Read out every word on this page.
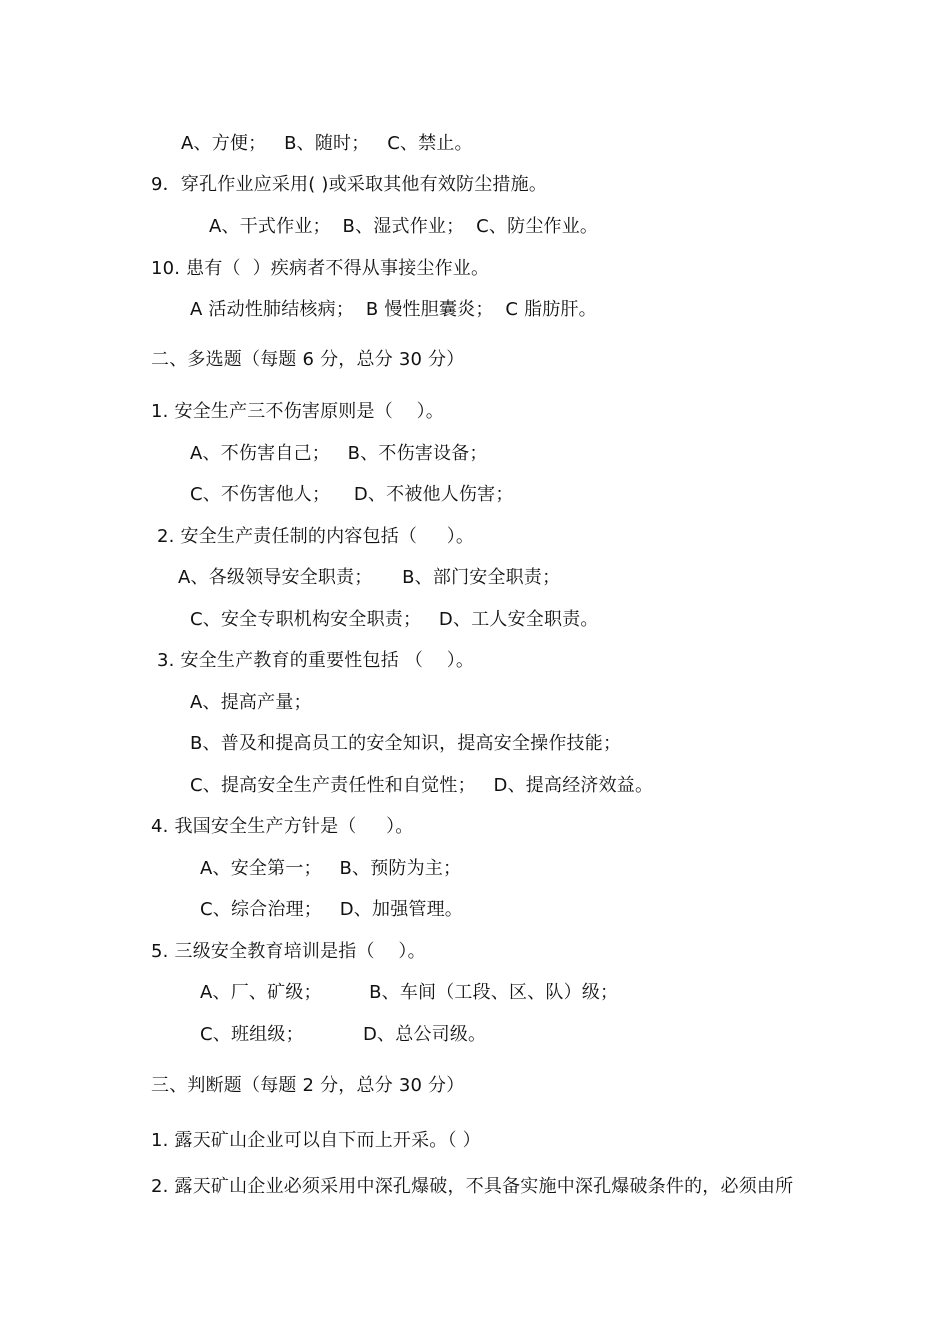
A、方便；   B、随时；   C、禁止。
9．穿孔作业应采用( )或采取其他有效防尘措施。
A、干式作业；  B、湿式作业；  C、防尘作业。
10. 患有（  ）疾病者不得从事接尘作业。
A 活动性肺结核病；  B 慢性胆囊炎；  C 脂肪肝。
二、多选题（每题 6 分，总分 30 分）
1. 安全生产三不伤害原则是（    ）。
A、不伤害自己；   B、不伤害设备；
C、不伤害他人；    D、不被他人伤害；
2. 安全生产责任制的内容包括（     ）。
A、各级领导安全职责；     B、部门安全职责；
C、安全专职机构安全职责；   D、工人安全职责。
3. 安全生产教育的重要性包括 （    ）。
A、提高产量；
B、普及和提高员工的安全知识，提高安全操作技能；
C、提高安全生产责任性和自觉性；   D、提高经济效益。
4. 我国安全生产方针是（     ）。
A、安全第一；   B、预防为主；
C、综合治理；   D、加强管理。
5. 三级安全教育培训是指（    ）。
A、厂、矿级；        B、车间（工段、区、队）级；
C、班组级；          D、总公司级。
三、判断题（每题 2 分，总分 30 分）
1. 露天矿山企业可以自下而上开采。（ ）
2. 露天矿山企业必须采用中深孔爆破，不具备实施中深孔爆破条件的，必须由所
